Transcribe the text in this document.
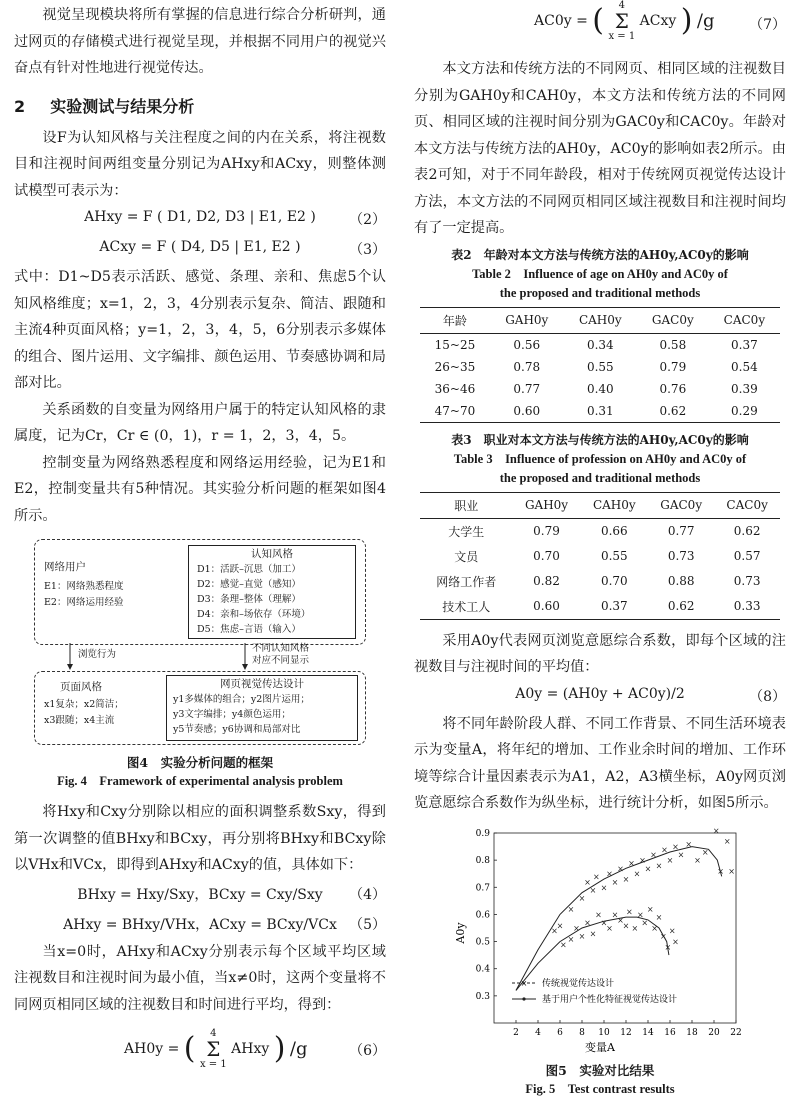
视觉呈现模块将所有掌握的信息进行综合分析研判，通过网页的存储模式进行视觉呈现，并根据不同用户的视觉兴奋点有针对性地进行视觉传达。

2 实验测试与结果分析

设F为认知风格与关注程度之间的内在关系，将注视数目和注视时间两组变量分别记为AHxy和ACxy，则整体测试模型可表示为：

AHxy = F ( D1, D2, D3 | E1, E2 )	（2）
ACxy = F ( D4, D5 | E1, E2 )	（3）

式中：D1~D5表示活跃、感觉、条理、亲和、焦虑5个认知风格维度；x=1，2，3，4分别表示复杂、简洁、跟随和主流4种页面风格；y=1，2，3，4，5，6分别表示多媒体的组合、图片运用、文字编排、颜色运用、节奏感协调和局部对比。

关系函数的自变量为网络用户属于的特定认知风格的隶属度，记为Cr，Cr ∈ (0，1)，r = 1，2，3，4，5。

控制变量为网络熟悉程度和网络运用经验，记为E1和E2，控制变量共有5种情况。其实验分析问题的框架如图4所示。

网络用户
E1：网络熟悉程度
E2：网络运用经验
认知风格
D1：活跃–沉思（加工）
D2：感觉–直觉（感知）
D3：条理–整体（理解）
D4：亲和–场依存（环境）
D5：焦虑–言语（输入）
浏览行为
不同认知风格
对应不同显示
页面风格
x1复杂；x2简洁；
x3跟随；x4主流
网页视觉传达设计
y1多媒体的组合；y2图片运用；
y3文字编排；y4颜色运用；
y5节奏感；y6协调和局部对比
图4　实验分析问题的框架
Fig. 4　Framework of experimental analysis problem

将Hxy和Cxy分别除以相应的面积调整系数Sxy，得到第一次调整的值BHxy和BCxy，再分别将BHxy和BCxy除以VHx和VCx，即得到AHxy和ACxy的值，具体如下：

BHxy = Hxy/Sxy，BCxy = Cxy/Sxy	（4）
AHxy = BHxy/VHx，ACxy = BCxy/VCx （5）

当x=0时，AHxy和ACxy分别表示每个区域平均区域注视数目和注视时间为最小值，当x≠0时，这两个变量将不同网页相同区域的注视数目和时间进行平均，得到：

AH0y = ( 4
Σ
x = 1 AHxy ) /g	（6）
AC0y = ( 4
Σ
x = 1 ACxy ) /g （7）

本文方法和传统方法的不同网页、相同区域的注视数目分别为GAH0y和CAH0y，本文方法和传统方法的不同网页、相同区域的注视时间分别为GAC0y和CAC0y。年龄对本文方法与传统方法的AH0y，AC0y的影响如表2所示。由表2可知，对于不同年龄段，相对于传统网页视觉传达设计方法，本文方法的不同网页相同区域注视数目和注视时间均有了一定提高。

表2　年龄对本文方法与传统方法的AH0y,AC0y的影响
Table 2　Influence of age on AH0y and AC0y of
the proposed and traditional methods
年龄	GAH0y	CAH0y	GAC0y	CAC0y
15~25	0.56	0.34	0.58	0.37
26~35	0.78	0.55	0.79	0.54
36~46	0.77	0.40	0.76	0.39
47~70	0.60	0.31	0.62	0.29
表3　职业对本文方法与传统方法的AH0y,AC0y的影响
Table 3　Influence of profession on AH0y and AC0y of
the proposed and traditional methods
职业	GAH0y	CAH0y	GAC0y	CAC0y
大学生	0.79	0.66	0.77	0.62
文员	0.70	0.55	0.73	0.57
网络工作者	0.82	0.70	0.88	0.73
技术工人	0.60	0.37	0.62	0.33

采用A0y代表网页浏览意愿综合系数，即每个区域的注视数目与注视时间的平均值：

A0y = (AH0y + AC0y)/2	（8）

将不同年龄阶段人群、不同工作背景、不同生活环境表示为变量A，将年纪的增加、工作业余时间的增加、工作环境等综合计量因素表示为A1，A2，A3横坐标，A0y网页浏览意愿综合系数作为纵坐标，进行统计分析，如图5所示。

2 4 6 8 10 12 14 16 18 20 22
0.3
0.4
0.5
0.6
0.7
0.8
0.9
×
×
×
×
×
×
×
×
×
×
×
×
×
×
×
×
×
×
×
×
×
×
×
×
×
×
×
×
×
×
×
×
×
×
×
×
×
×
×
×
×
×
×
×
×
×
×
×
×
×
×
×
变量A
A0y
× 传统视觉传达设计
基于用户个性化特征视觉传达设计
图5　实验对比结果
Fig. 5　Test contrast results
